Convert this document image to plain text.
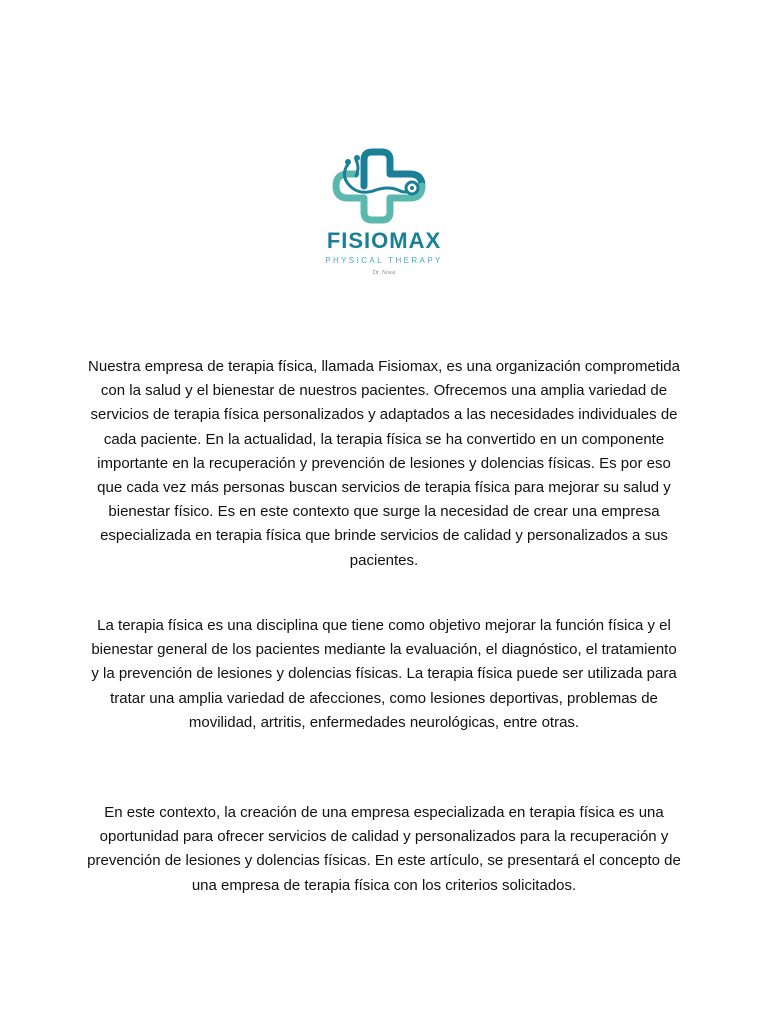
FISIOMAX
PHYSICAL THERAPY
Dr. Nossi

Nuestra empresa de terapia física, llamada Fisiomax, es una organización comprometida con la salud y el bienestar de nuestros pacientes. Ofrecemos una amplia variedad de servicios de terapia física personalizados y adaptados a las necesidades individuales de cada paciente. En la actualidad, la terapia física se ha convertido en un componente importante en la recuperación y prevención de lesiones y dolencias físicas. Es por eso que cada vez más personas buscan servicios de terapia física para mejorar su salud y bienestar físico. Es en este contexto que surge la necesidad de crear una empresa especializada en terapia física que brinde servicios de calidad y personalizados a sus pacientes.

La terapia física es una disciplina que tiene como objetivo mejorar la función física y el bienestar general de los pacientes mediante la evaluación, el diagnóstico, el tratamiento y la prevención de lesiones y dolencias físicas. La terapia física puede ser utilizada para tratar una amplia variedad de afecciones, como lesiones deportivas, problemas de movilidad, artritis, enfermedades neurológicas, entre otras.

En este contexto, la creación de una empresa especializada en terapia física es una oportunidad para ofrecer servicios de calidad y personalizados para la recuperación y prevención de lesiones y dolencias físicas. En este artículo, se presentará el concepto de una empresa de terapia física con los criterios solicitados.
